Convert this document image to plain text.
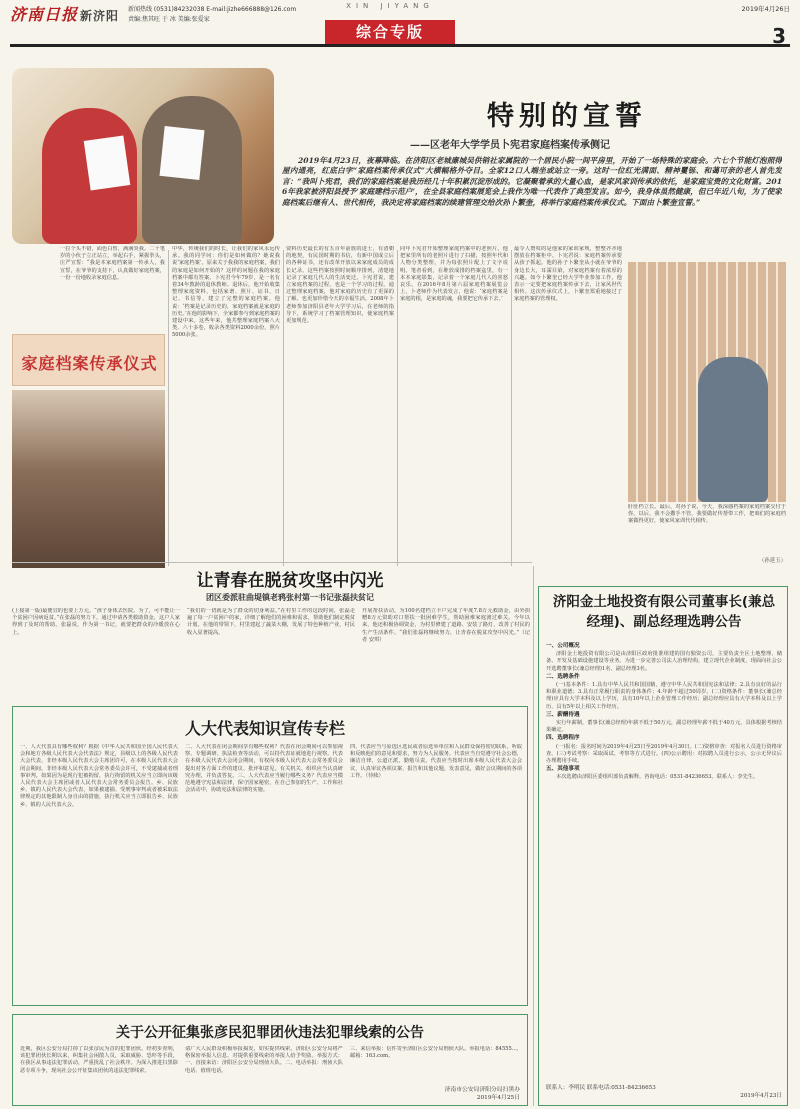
济南日报 新济阳	新闻热线 (0531)84232038 E-mail:jizhe666888@126.com
责编:焦其旺 于 冰 美编:张爱家
XIN JIYANG	2019年4月26日
综合专版	3
特别的宣誓
——区老年大学学员卜宪君家庭档案传承侧记
2019年4月23日，夜幕降临。在济阳区老城廉城吴供销社家属院的一个居民小院一间平房里，开始了一场特殊的家庭会。六七个节能灯泡照得屋内通亮，红底白字“家庭档案传承仪式”大横幅格外夺目。全家12口人端坐或站立一旁。这时一位红光满面、精神矍铄、和蔼可亲的老人首先发言：“我叫卜宪君，我们的家庭档案是我历经几十年积累沉淀形成的。它凝聚着承的大量心血，是家风家训传承的依托，是家庭宝贵的文化财富。2016年我家被济阳县授予‘家庭建档示范户’，在全县家庭档案展览会上我作为唯一代表作了典型发言。如今，我身体虽然健康，但已年近八旬，为了使家庭档案后继有人、世代相传，我决定将家庭档案的续建管理交给次孙卜繁奎，将举行家庭档案传承仪式。下面由卜繁奎宣誓。”
一拉个头不错，面色白皙，满满炎我。二十笔岁的小伙子立正站立，举起右手，紧握拳头，庄严宣誓：“我是本家庭档案第一传承人，我宣誓，在爷爷的支持下，认真做好家庭档案，一份一份地收录家庭信息。
家庭档案传承仪式
中华，传统我们的时长，让我们的家风永远传承。我的同学问：你们是如何做的？她说我说‘家庭档案’。原来关于我我的家庭档案，我们的家庭是如何开始的？这样的问题在我的家庭档案中都有答案。卜宪君今年79岁，是一名有着34年教龄的退休教师。退休后，他开始收集整理家庭资料，包括家谱、照片、证书、日记、书信等，建立了完整的家庭档案。他说：‘档案是记录历史的，家庭档案就是家庭的历史。’在他的影响下，全家都参与到家庭档案的建设中来。这些年来，他共整理家庭档案八大类、六十多卷，收录各类资料2000余份，照片5000余张。
资料历史最长的有五百年前族的进士，有清朝的地契，有民国时期的书信，有新中国成立后的各种证书，还有改革开放以来家庭成员的成长记录。这些档案按照时间顺序排列，清楚地记录了家庭几代人的生活变迁。卜宪君说，建立家庭档案的过程，也是一个学习的过程。通过整理家庭档案，他对家庭的历史有了更深的了解，也更加珍惜今天的幸福生活。2008年卜老师参加济阳县老年大学学习后，在老师的指导下，系统学习了档案管理知识，使家庭档案更加规范。
同年卜宪君开始整理家庭档案中的老照片。他把家里所有的老照片进行了扫描，按照年代和人物分类整理，并为每张照片配上了文字说明。笔者看到，在堆放成排的档案盒里，有一本本家庭影集，记录着一个家庭几代人的喜怒哀乐。在2016年8月第六届家庭档案展览会上，卜老师作为代表发言，他说：‘家庭档案是家庭的根，是家庭的魂，我要把它传承下去。’
最令人赞叹的是他家的家训家规，整整齐齐地摆放在档案柜中。卜宪君说：家庭档案传承要从孩子抓起。他的孙子卜繁奎从小就在爷爷的身边长大，耳濡目染，对家庭档案有着浓厚的兴趣。如今卜繁奎已经大学毕业参加工作，他表示一定要把家庭档案传承下去，让家风世代相传。这次传承仪式上，卜繁奎郑重地接过了家庭档案的管理权。
肝肚档立长。最后，对孙子说，今天，我深感档案的家庭档案交付于你，以后，我不会撒手不管，我要做好传帮带工作，把咱们的家庭档案做得更好，使家风家训代代相传。
（孙延玉）
让青春在脱贫攻坚中闪光
团区委派驻曲堤镇老鸦张村第一书记张磊扶贫记
(上接第一版)最便宜的也要上万元。“孩子身体去医院。为了，可不能让一个贫困户因病返贫。”在张磊的努力下，通过申请各类救助资金，这户人家得到了及时的帮助。张磊说，作为第一书记，就要把群众的冷暖放在心上。
“我们的一切就是为了群众的切身利益。”在村里工作的这段时间，张磊走遍了每一户贫困户的家，详细了解他们的困难和需求，帮助他们制定脱贫计划。在他的带领下，村里建起了蔬菜大棚，发展了特色种植产业，村民收入显著提高。
开展帮扶活动。为100名建档立卡户完成了年度7.8万元救助金，由外捐赠8万元资助对口帮扶一批困难学生，帮助困难家庭渡过难关。今年以来，他还积极协调资金，为村里修建了道路、安装了路灯，改善了村民的生产生活条件。“我们张磊将继续努力，让青春在脱贫攻坚中闪光。”（记者 安琪）
人大代表知识宣传专栏
一、人大代表具有哪些权利？根据《中华人民共和国全国人民代表大会和地方各级人民代表大会代表法》规定，县级以上的各级人民代表大会代表，非经本级人民代表大会主席团许可，在本级人民代表大会闭会期间，非经本级人民代表大会常务委员会许可，不受逮捕或者刑事审判。如果因为是现行犯被拘留，执行拘留的机关应当立即向该级人民代表大会主席团或者人民代表大会常务委员会报告。乡、民族乡、镇的人民代表大会代表，如果被逮捕、受刑事审判或者被采取法律规定的其他限制人身自由的措施，执行机关应当立即报告乡、民族乡、镇的人民代表大会。
二、人大代表在闭会期间享有哪些权利？代表在闭会期间可以参加视察、专题调研、执法检查等活动，可以持代表证就地进行视察。代表在本级人民代表大会闭会期间，有权向本级人民代表大会常务委员会提出对各方面工作的建议、批评和意见。有关机关、组织应当认真研究办理，并负责答复。三、人大代表应当履行哪些义务？代表应当模范地遵守宪法和法律，保守国家秘密，在自己参加的生产、工作和社会活动中，协助宪法和法律的实施。
四、代表应当与原选区选民或者原选举单位和人民群众保持密切联系，听取和反映他们的意见和要求，努力为人民服务。代表应当自觉遵守社会公德，廉洁自律，公道正派，勤勉尽责。代表应当按时出席本级人民代表大会会议，认真审议各项议案、报告和其他议题，发表意见，做好会议期间的各项工作。（待续）
关于公开征集张彦民犯罪团伙违法犯罪线索的公告
近期，我区公安分局打掉了以张彦民为首的犯罪团伙。经初步查明，该犯罪团伙长期以来，纠集社会闲散人员，采取威胁、恐吓等手段，在我区从事违法犯罪活动，严重扰乱了社会秩序。为深入推进扫黑除恶专项斗争，现向社会公开征集该团伙的违法犯罪线索。
请广大人民群众积极举报揭发，如实提供线索。济阳区公安分局将严格保密举报人信息，对提供重要线索的举报人给予奖励。举报方式：一、直接来访：济阳区公安分局刑侦大队。二、电话举报：刑侦大队电话、值班电话。
三、来信举报：信件寄至济阳区公安分局刑侦大队。举报电话：84555...，邮箱：163.com。
济南市公安局济阳分局扫黑办
2019年4月25日
济阳金土地投资有限公司董事长(兼总经理)、副总经理选聘公告
一、公司概况

济阳金土地投资有限公司是由济阳区政府批准组建的国有独资公司，主要负责全区土地整理、储备、开发及基础设施建设等业务。为进一步完善公司法人治理结构，建立现代企业制度，现面向社会公开选聘董事长(兼总经理)1名、副总经理3名。

二、选聘条件

(一)基本条件：1.具有中华人民共和国国籍，遵守中华人民共和国宪法和法律；2.具有良好的品行和职业道德；3.具有正常履行职责的身体条件；4.年龄不超过50周岁。(二)资格条件：董事长(兼总经理)应具有大学本科及以上学历，具有10年以上企业管理工作经历；副总经理应具有大学本科及以上学历，具有5年以上相关工作经历。

三、薪酬待遇

实行年薪制，董事长(兼总经理)年薪不低于50万元，副总经理年薪不低于40万元，具体根据考核结果确定。

四、选聘程序

(一)报名：报名时间为2019年4月25日至2019年4月30日。(二)资格审查：对报名人员进行资格审查。(三)考试考察：采取面试、考察等方式进行。(四)公示聘用：对拟聘人员进行公示，公示无异议后办理聘用手续。

五、其他事项

本次选聘由济阳区委组织部负责解释。咨询电话：0531-84236653。联系人：李先生。

联系人：李明民 联系电话:0531-84236653
2019年4月23日
